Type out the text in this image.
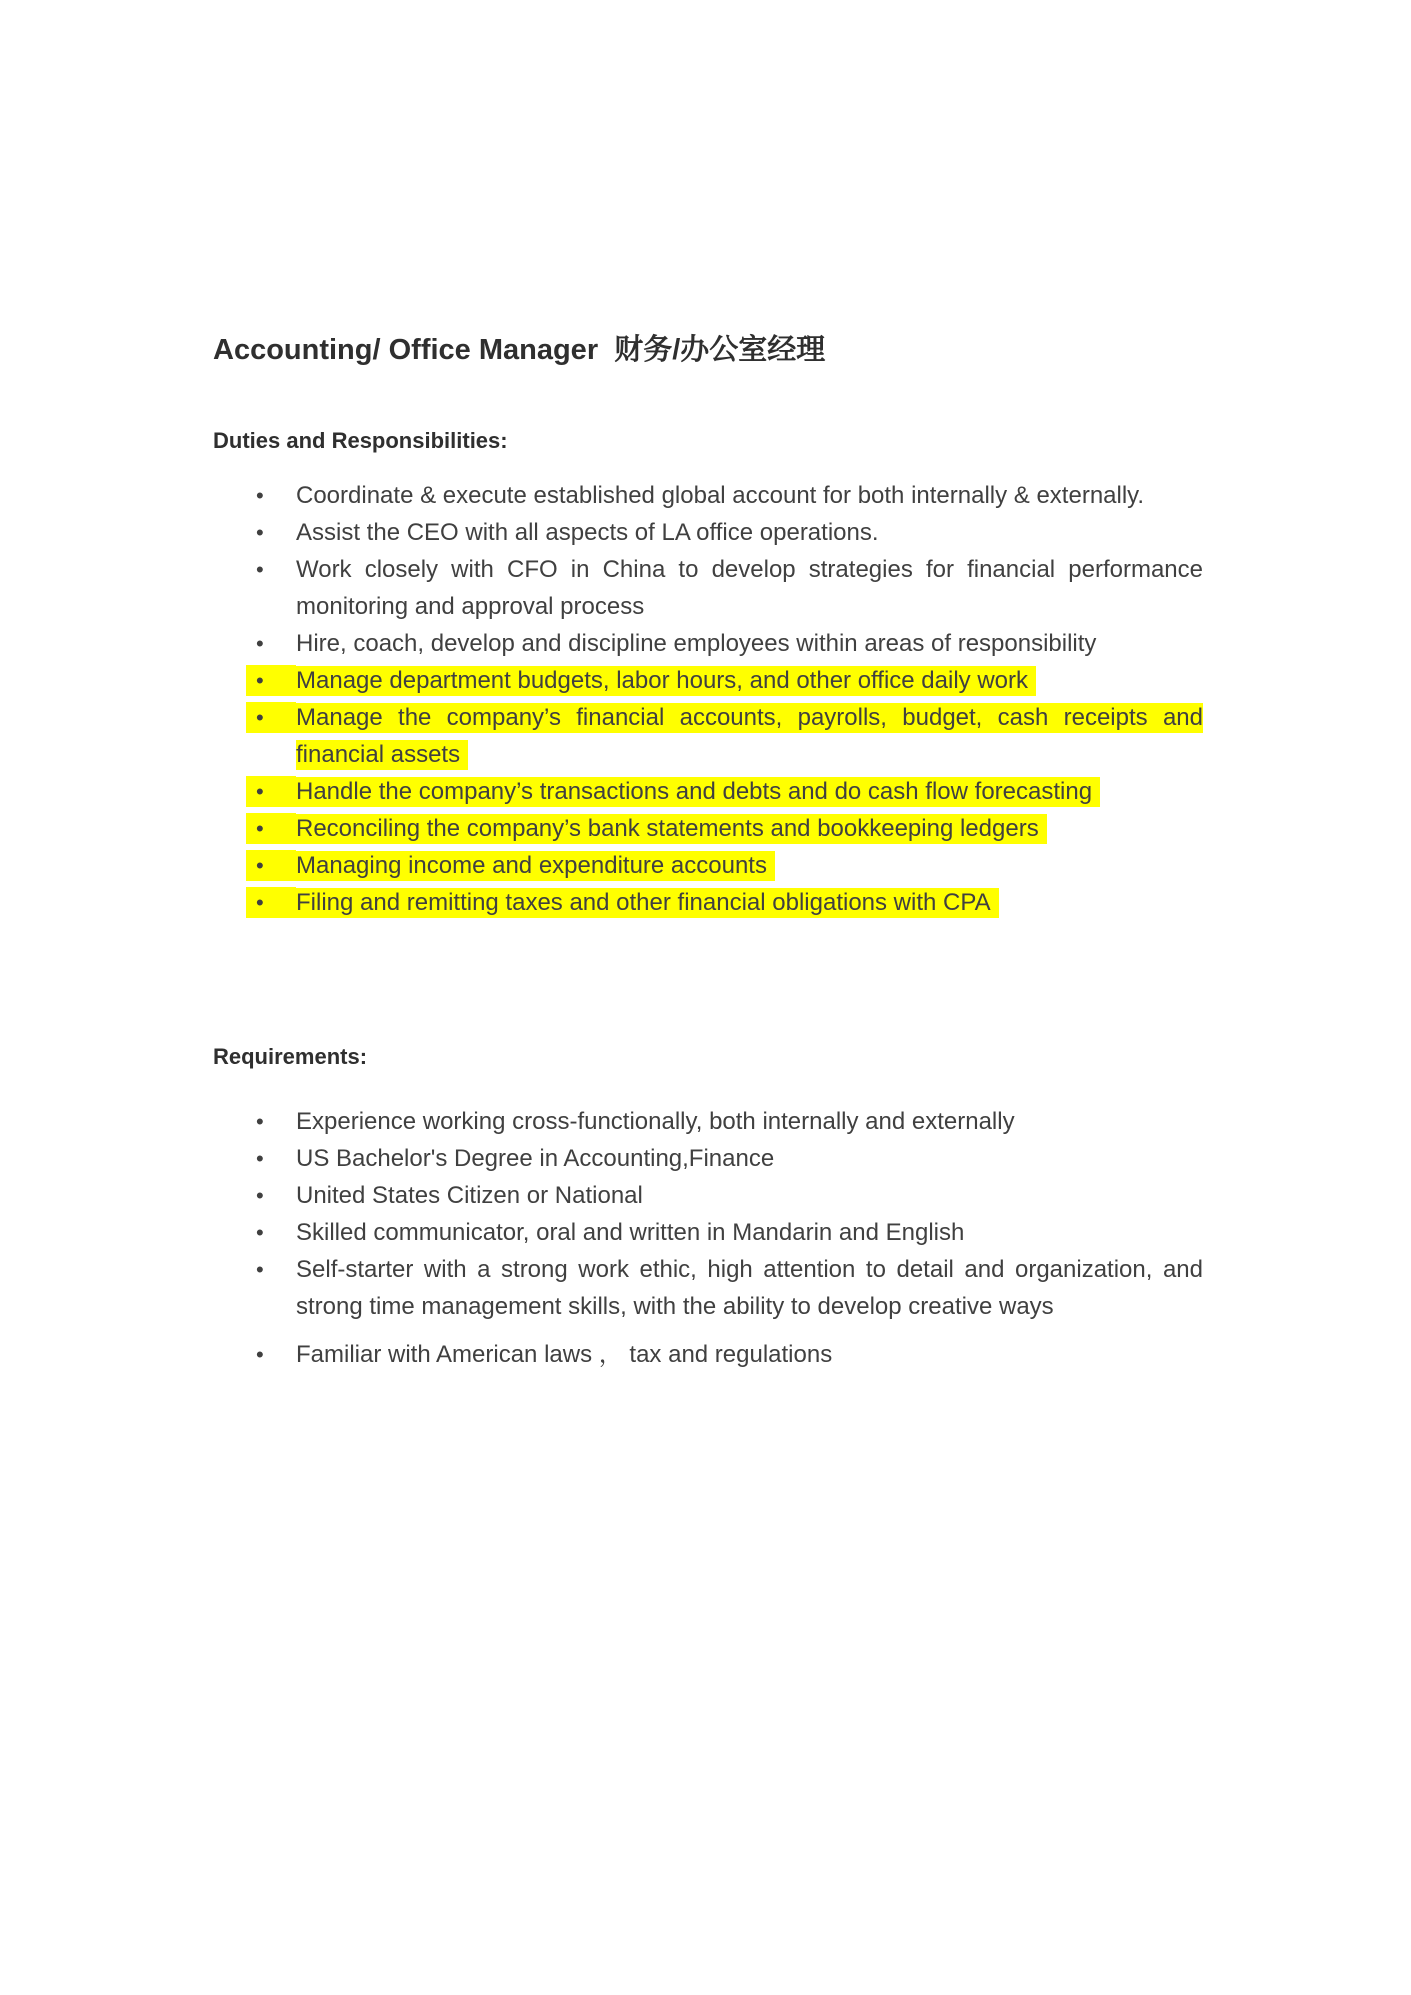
Accounting/ Office Manager  财务/办公室经理
Duties and Responsibilities:
•	Coordinate & execute established global account for both internally & externally.
•	Assist the CEO with all aspects of LA office operations.
•	Work closely with CFO in China to develop strategies for financial performance monitoring and approval process
•	Hire, coach, develop and discipline employees within areas of responsibility
•	Manage department budgets, labor hours, and other office daily work
•	Manage the company’s financial accounts, payrolls, budget, cash receipts and financial assets
•	Handle the company’s transactions and debts and do cash flow forecasting
•	Reconciling the company’s bank statements and bookkeeping ledgers
•	Managing income and expenditure accounts
•	Filing and remitting taxes and other financial obligations with CPA
Requirements:
•	Experience working cross-functionally, both internally and externally
•	US Bachelor's Degree in Accounting,Finance
•	United States Citizen or National
•	Skilled communicator, oral and written in Mandarin and English
•	Self-starter with a strong work ethic, high attention to detail and organization, and strong time management skills, with the ability to develop creative ways
•	Familiar with American laws ， tax and regulations
